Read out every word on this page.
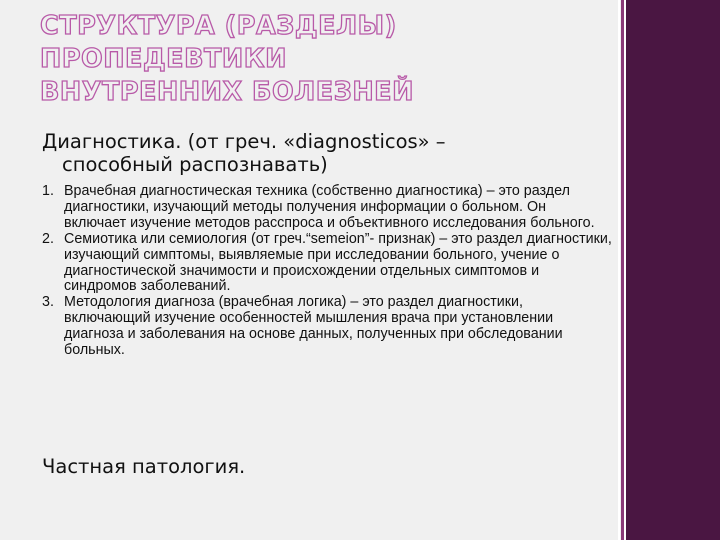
СТРУКТУРА (РАЗДЕЛЫ) ПРОПЕДЕВТИКИ
ВНУТРЕННИХ БОЛЕЗНЕЙ
Диагностика. (от греч. «diagnosticos» –
способный распознавать)
1. Врачебная диагностическая техника (собственно диагностика) – это раздел диагностики, изучающий методы получения информации о больном. Он включает изучение методов расспроса и объективного исследования больного.
2. Семиотика или семиология (от греч.“semeion”- признак) – это раздел диагностики, изучающий симптомы, выявляемые при исследовании больного, учение о диагностической значимости и происхождении отдельных симптомов и синдромов заболеваний.
3. Методология диагноза (врачебная логика) – это раздел диагностики, включающий изучение особенностей мышления врача при установлении диагноза и заболевания на основе данных, полученных при обследовании больных.
Частная патология.
